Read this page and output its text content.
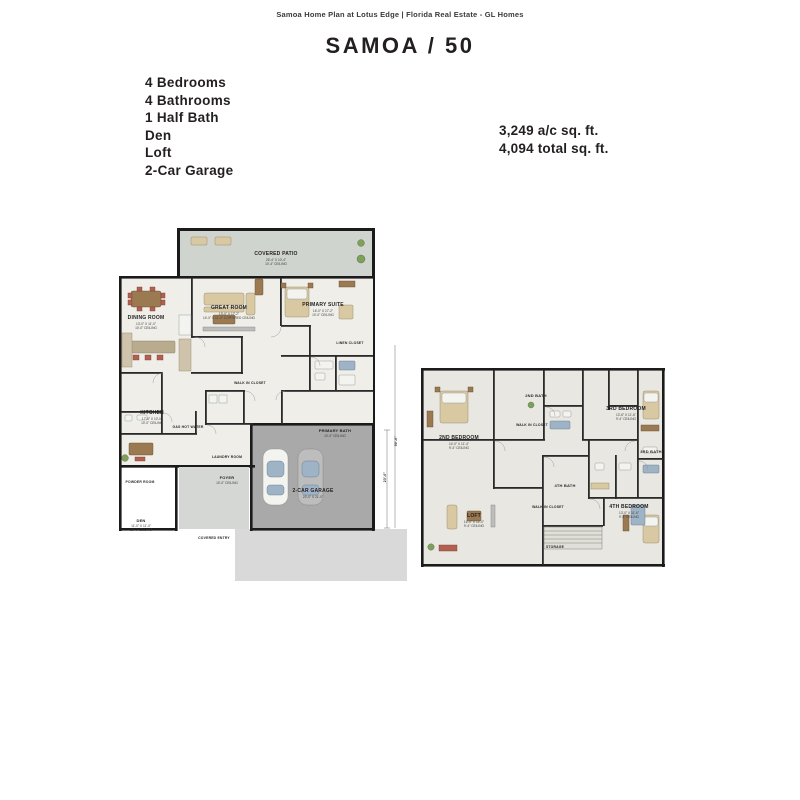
Samoa Home Plan at Lotus Edge | Florida Real Estate - GL Homes
SAMOA / 50
4 Bedrooms
4 Bathrooms
1 Half Bath
Den
Loft
2-Car Garage
3,249 a/c sq. ft.
4,094 total sq. ft.
COVERED PATIO
26'-4" X 10'-4"
10'-4" CEILING
GREAT ROOM
19'-0" X 17'-2"
14'-0" X 11'-0" COFFERED CEILING
DINING ROOM
13'-0" X 11'-0"
10'-0" CEILING
KITCHEN
17'-6" X 10'-0"
10'-0" CEILING
PRIMARY SUITE
16'-0" X 17'-2"
10'-0" CEILING
PRIMARY BATH
10'-0" CEILING
LAUNDRY ROOM
FOYER
10'-0" CEILING
POWDER ROOM
DEN
11'-0" X 11'-4"
10'-0" CEILING
2-CAR GARAGE
20'-0" X 21'-0"
COVERED ENTRY
WALK IN CLOSET
LINEN CLOSET
GAS HOT WATER
23'-0"
50'-0"	2ND BEDROOM
14'-0" X 11'-4"
9'-4" CEILING
3RD BEDROOM
13'-6" X 11'-6"
9'-4" CEILING
4TH BEDROOM
13'-0" X 11'-6"
9'-4" CEILING
LOFT
16'-0" X 14'-0"
9'-4" CEILING
2ND BATH
3RD BATH
4TH BATH
WALK IN CLOSET
WALK IN CLOSET
STORAGE
